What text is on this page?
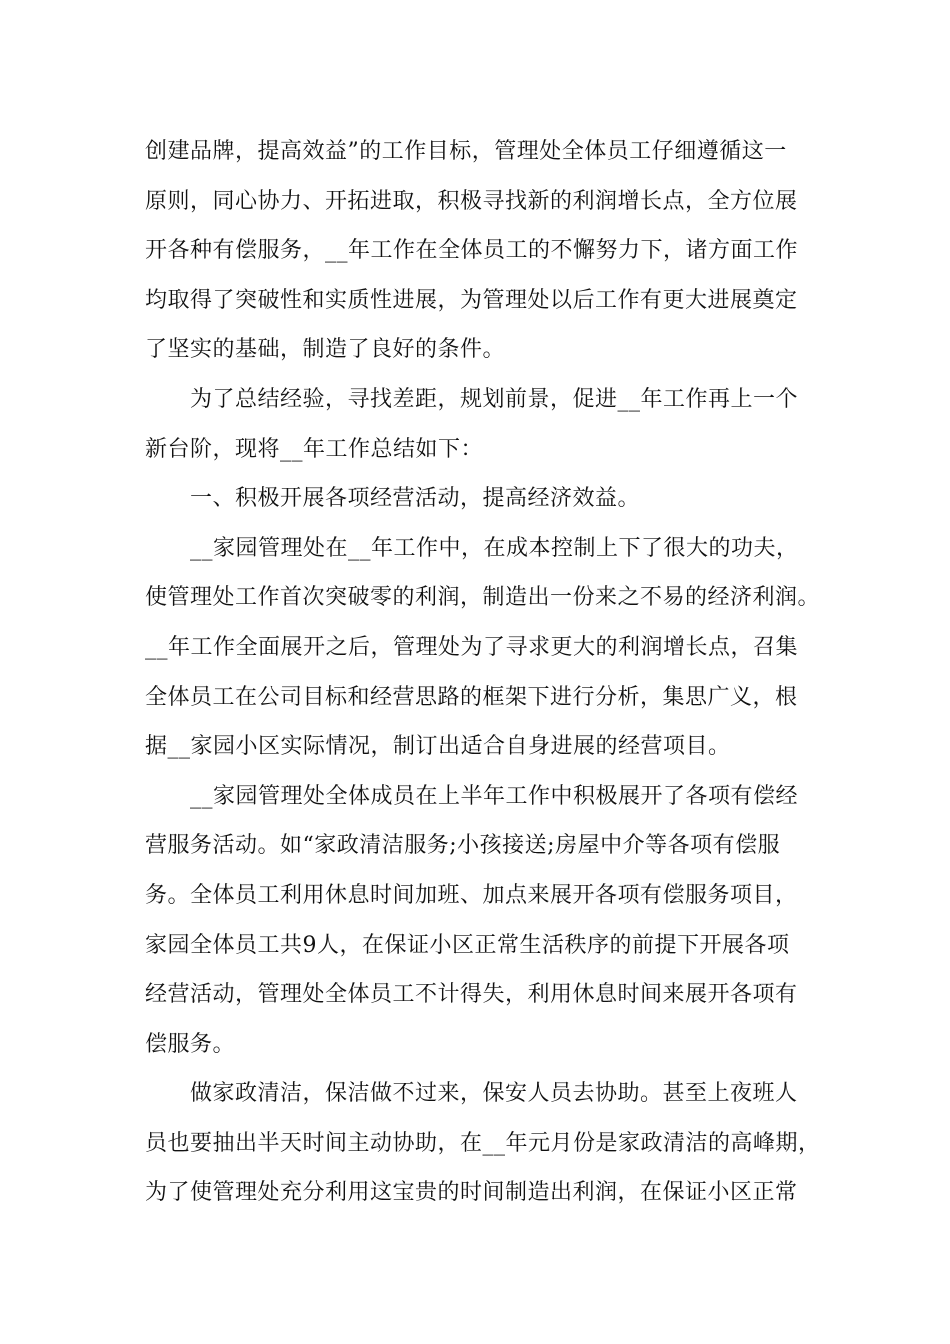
创建品牌，提高效益”的工作目标，管理处全体员工仔细遵循这一
原则，同心协力、开拓进取，积极寻找新的利润增长点，全方位展
开各种有偿服务，__年工作在全体员工的不懈努力下，诸方面工作
均取得了突破性和实质性进展，为管理处以后工作有更大进展奠定
了坚实的基础，制造了良好的条件。
为了总结经验，寻找差距，规划前景，促进__年工作再上一个
新台阶，现将__年工作总结如下：
一、积极开展各项经营活动，提高经济效益。
__家园管理处在__年工作中，在成本控制上下了很大的功夫，
使管理处工作首次突破零的利润，制造出一份来之不易的经济利润。
__年工作全面展开之后，管理处为了寻求更大的利润增长点，召集
全体员工在公司目标和经营思路的框架下进行分析，集思广义，根
据__家园小区实际情况，制订出适合自身进展的经营项目。
__家园管理处全体成员在上半年工作中积极展开了各项有偿经
营服务活动。如“家政清洁服务;小孩接送;房屋中介等各项有偿服
务。全体员工利用休息时间加班、加点来展开各项有偿服务项目，
家园全体员工共9人，在保证小区正常生活秩序的前提下开展各项
经营活动，管理处全体员工不计得失，利用休息时间来展开各项有
偿服务。
做家政清洁，保洁做不过来，保安人员去协助。甚至上夜班人
员也要抽出半天时间主动协助，在__年元月份是家政清洁的高峰期，
为了使管理处充分利用这宝贵的时间制造出利润，在保证小区正常
